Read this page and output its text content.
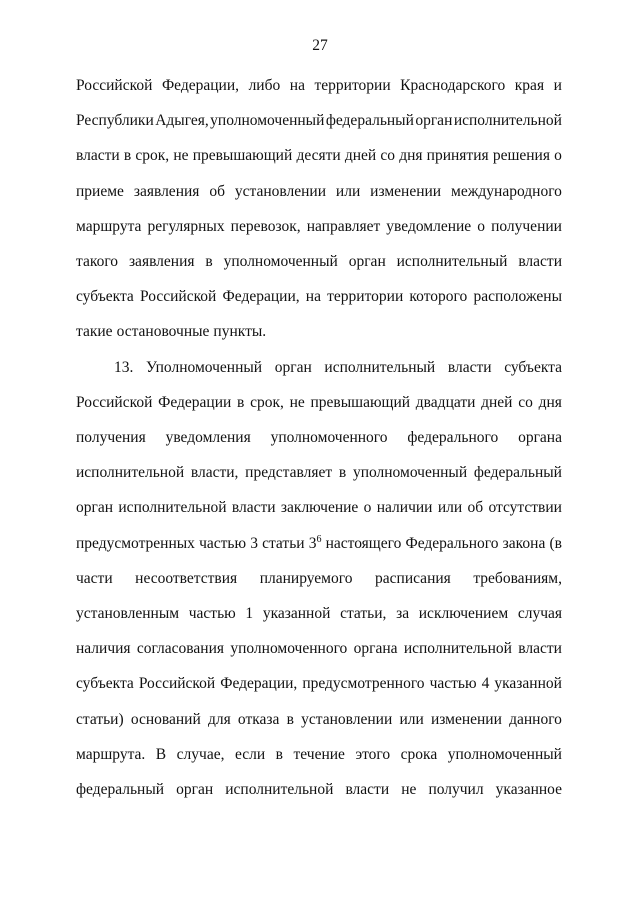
27
Российской Федерации, либо на территории Краснодарского края и
Республики Адыгея, уполномоченный федеральный орган исполнительной
власти в срок, не превышающий десяти дней со дня принятия решения о
приеме заявления об установлении или изменении международного
маршрута регулярных перевозок, направляет уведомление о получении
такого заявления в уполномоченный орган исполнительный власти
субъекта Российской Федерации, на территории которого расположены
такие остановочные пункты.
13. Уполномоченный орган исполнительный власти субъекта
Российской Федерации в срок, не превышающий двадцати дней со дня
получения уведомления уполномоченного федерального органа
исполнительной власти, представляет в уполномоченный федеральный
орган исполнительной власти заключение о наличии или об отсутствии
предусмотренных частью 3 статьи $3^6$ настоящего Федерального закона (в
части несоответствия планируемого расписания требованиям,
установленным частью 1 указанной статьи, за исключением случая
наличия согласования уполномоченного органа исполнительной власти
субъекта Российской Федерации, предусмотренного частью 4 указанной
статьи) оснований для отказа в установлении или изменении данного
маршрута. В случае, если в течение этого срока уполномоченный
федеральный орган исполнительной власти не получил указанное
